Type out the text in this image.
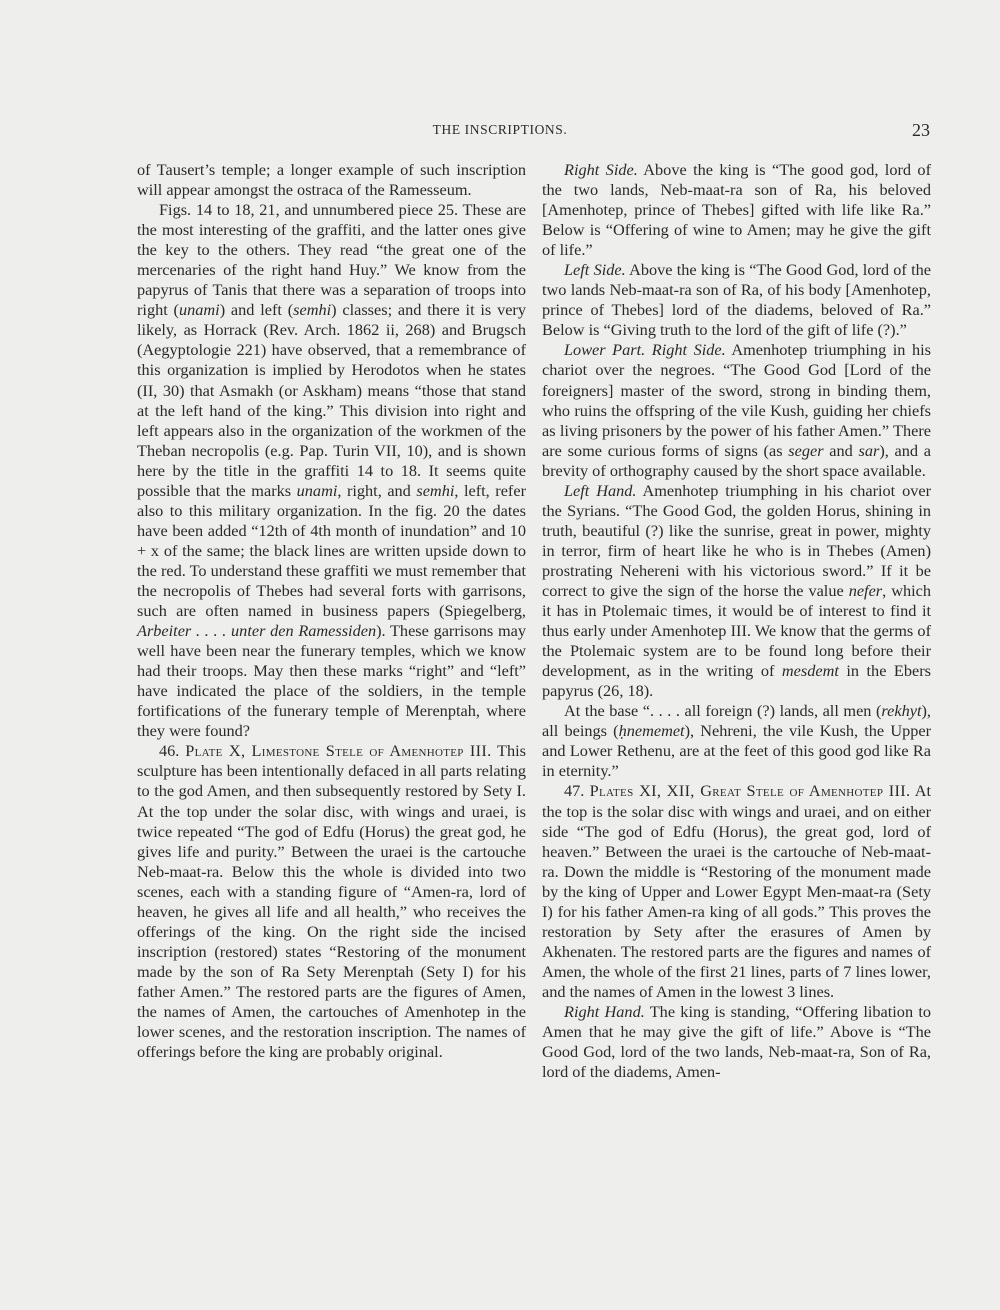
THE INSCRIPTIONS.	23

of Tausert’s temple; a longer example of such inscription will appear amongst the ostraca of the Ramesseum.

Figs. 14 to 18, 21, and unnumbered piece 25. These are the most interesting of the graffiti, and the latter ones give the key to the others. They read “the great one of the mercenaries of the right hand Huy.” We know from the papyrus of Tanis that there was a separation of troops into right (unami) and left (semhi) classes; and there it is very likely, as Horrack (Rev. Arch. 1862 ii, 268) and Brugsch (Aegyptologie 221) have observed, that a remembrance of this organization is implied by Herodotos when he states (II, 30) that Asmakh (or Askham) means “those that stand at the left hand of the king.” This division into right and left appears also in the organization of the workmen of the Theban necropolis (e.g. Pap. Turin VII, 10), and is shown here by the title in the graffiti 14 to 18. It seems quite possible that the marks unami, right, and semhi, left, refer also to this military organization. In the fig. 20 the dates have been added “12th of 4th month of inundation” and 10 + x of the same; the black lines are written upside down to the red. To understand these graffiti we must remember that the necropolis of Thebes had several forts with garrisons, such are often named in business papers (Spiegelberg, Arbeiter . . . . unter den Ramessiden). These garrisons may well have been near the funerary temples, which we know had their troops. May then these marks “right” and “left” have indicated the place of the soldiers, in the temple fortifications of the funerary temple of Merenptah, where they were found?

46. Plate X, Limestone Stele of Amenhotep III. This sculpture has been intentionally defaced in all parts relating to the god Amen, and then subsequently restored by Sety I. At the top under the solar disc, with wings and uraei, is twice repeated “The god of Edfu (Horus) the great god, he gives life and purity.” Between the uraei is the cartouche Neb-maat-ra. Below this the whole is divided into two scenes, each with a standing figure of “Amen-ra, lord of heaven, he gives all life and all health,” who receives the offerings of the king. On the right side the incised inscription (restored) states “Restoring of the monument made by the son of Ra Sety Merenptah (Sety I) for his father Amen.” The restored parts are the figures of Amen, the names of Amen, the cartouches of Amenhotep in the lower scenes, and the restoration inscription. The names of offerings before the king are probably original.

Right Side. Above the king is “The good god, lord of the two lands, Neb-maat-ra son of Ra, his beloved [Amenhotep, prince of Thebes] gifted with life like Ra.” Below is “Offering of wine to Amen; may he give the gift of life.”

Left Side. Above the king is “The Good God, lord of the two lands Neb-maat-ra son of Ra, of his body [Amenhotep, prince of Thebes] lord of the diadems, beloved of Ra.” Below is “Giving truth to the lord of the gift of life (?).”

Lower Part. Right Side. Amenhotep triumphing in his chariot over the negroes. “The Good God [Lord of the foreigners] master of the sword, strong in binding them, who ruins the offspring of the vile Kush, guiding her chiefs as living prisoners by the power of his father Amen.” There are some curious forms of signs (as seger and sar), and a brevity of orthography caused by the short space available.

Left Hand. Amenhotep triumphing in his chariot over the Syrians. “The Good God, the golden Horus, shining in truth, beautiful (?) like the sunrise, great in power, mighty in terror, firm of heart like he who is in Thebes (Amen) prostrating Nehereni with his victorious sword.” If it be correct to give the sign of the horse the value nefer, which it has in Ptolemaic times, it would be of interest to find it thus early under Amenhotep III. We know that the germs of the Ptolemaic system are to be found long before their development, as in the writing of mesdemt in the Ebers papyrus (26, 18).

At the base “. . . . all foreign (?) lands, all men (rekhyt), all beings (ḥnememet), Nehreni, the vile Kush, the Upper and Lower Rethenu, are at the feet of this good god like Ra in eternity.”

47. Plates XI, XII, Great Stele of Amenhotep III. At the top is the solar disc with wings and uraei, and on either side “The god of Edfu (Horus), the great god, lord of heaven.” Between the uraei is the cartouche of Neb-maat-ra. Down the middle is “Restoring of the monument made by the king of Upper and Lower Egypt Men-maat-ra (Sety I) for his father Amen-ra king of all gods.” This proves the restoration by Sety after the erasures of Amen by Akhenaten. The restored parts are the figures and names of Amen, the whole of the first 21 lines, parts of 7 lines lower, and the names of Amen in the lowest 3 lines.

Right Hand. The king is standing, “Offering libation to Amen that he may give the gift of life.” Above is “The Good God, lord of the two lands, Neb-maat-ra, Son of Ra, lord of the diadems, Amen-
